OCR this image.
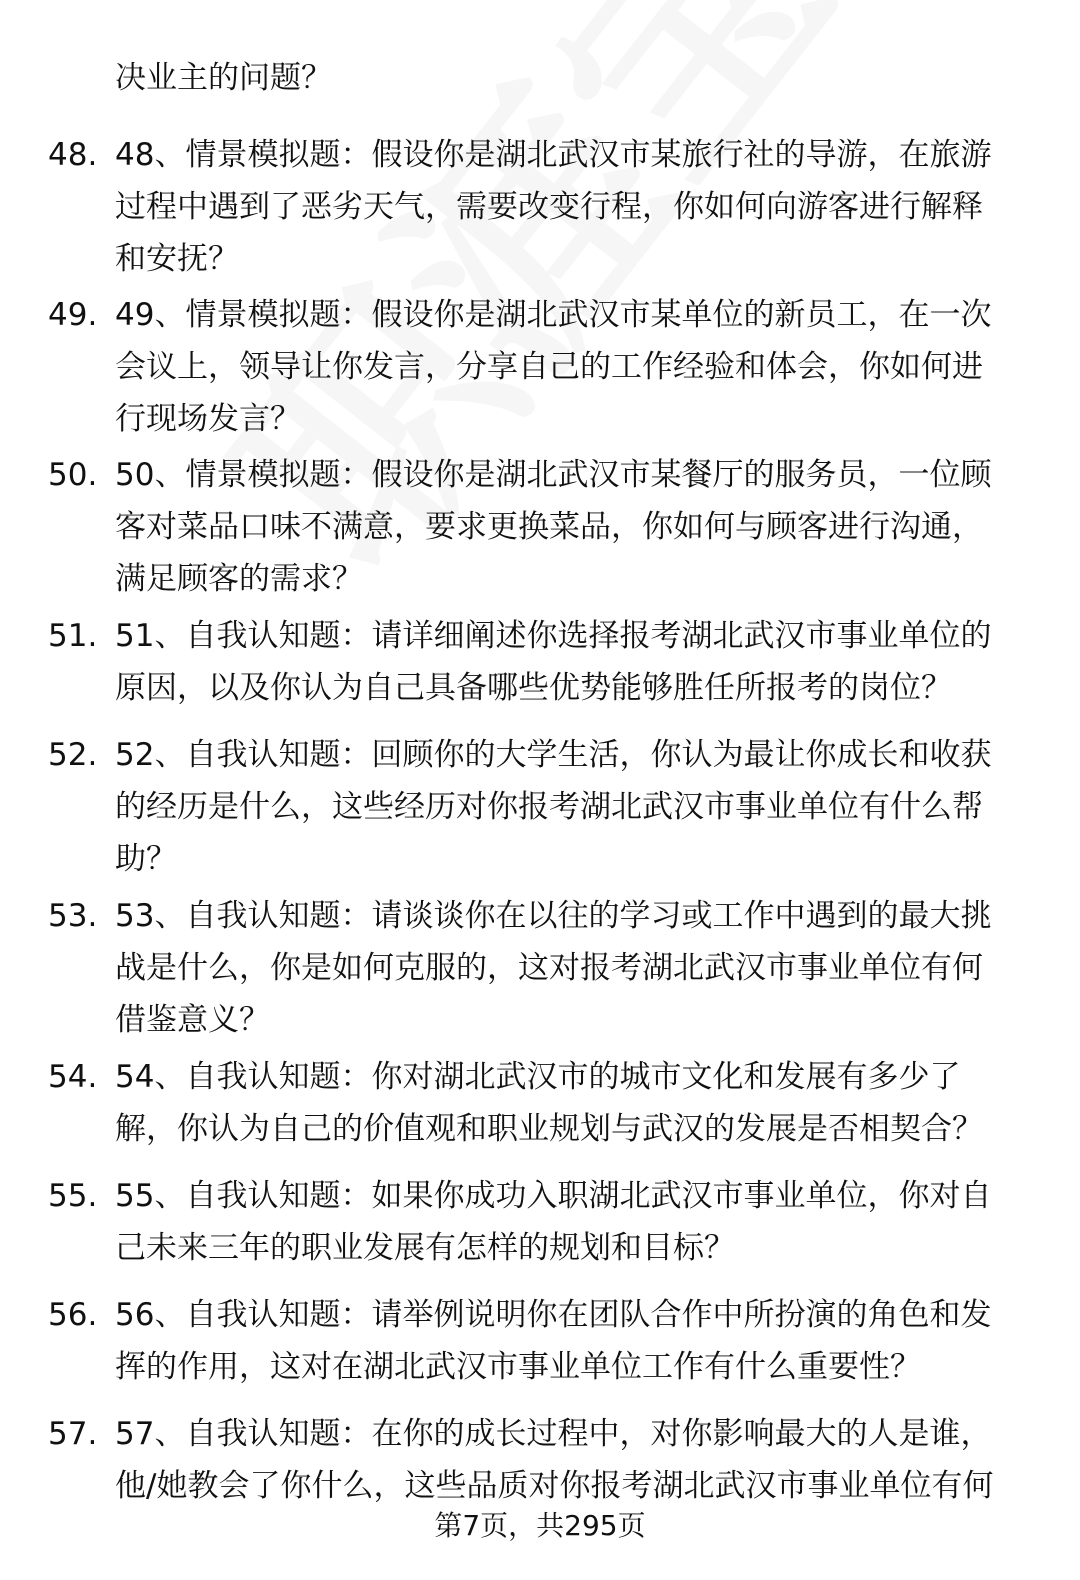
决业主的问题？
48. 48、情景模拟题：假设你是湖北武汉市某旅行社的导游，在旅游
过程中遇到了恶劣天气，需要改变行程，你如何向游客进行解释
和安抚？
49. 49、情景模拟题：假设你是湖北武汉市某单位的新员工，在一次
会议上，领导让你发言，分享自己的工作经验和体会，你如何进
行现场发言？
50. 50、情景模拟题：假设你是湖北武汉市某餐厅的服务员，一位顾
客对菜品口味不满意，要求更换菜品，你如何与顾客进行沟通，
满足顾客的需求？
51. 51、自我认知题：请详细阐述你选择报考湖北武汉市事业单位的
原因，以及你认为自己具备哪些优势能够胜任所报考的岗位？
52. 52、自我认知题：回顾你的大学生活，你认为最让你成长和收获
的经历是什么，这些经历对你报考湖北武汉市事业单位有什么帮
助？
53. 53、自我认知题：请谈谈你在以往的学习或工作中遇到的最大挑
战是什么，你是如何克服的，这对报考湖北武汉市事业单位有何
借鉴意义？
54. 54、自我认知题：你对湖北武汉市的城市文化和发展有多少了
解，你认为自己的价值观和职业规划与武汉的发展是否相契合？
55. 55、自我认知题：如果你成功入职湖北武汉市事业单位，你对自
己未来三年的职业发展有怎样的规划和目标？
56. 56、自我认知题：请举例说明你在团队合作中所扮演的角色和发
挥的作用，这对在湖北武汉市事业单位工作有什么重要性？
57. 57、自我认知题：在你的成长过程中，对你影响最大的人是谁，
他/她教会了你什么，这些品质对你报考湖北武汉市事业单位有何
第7页，共295页
